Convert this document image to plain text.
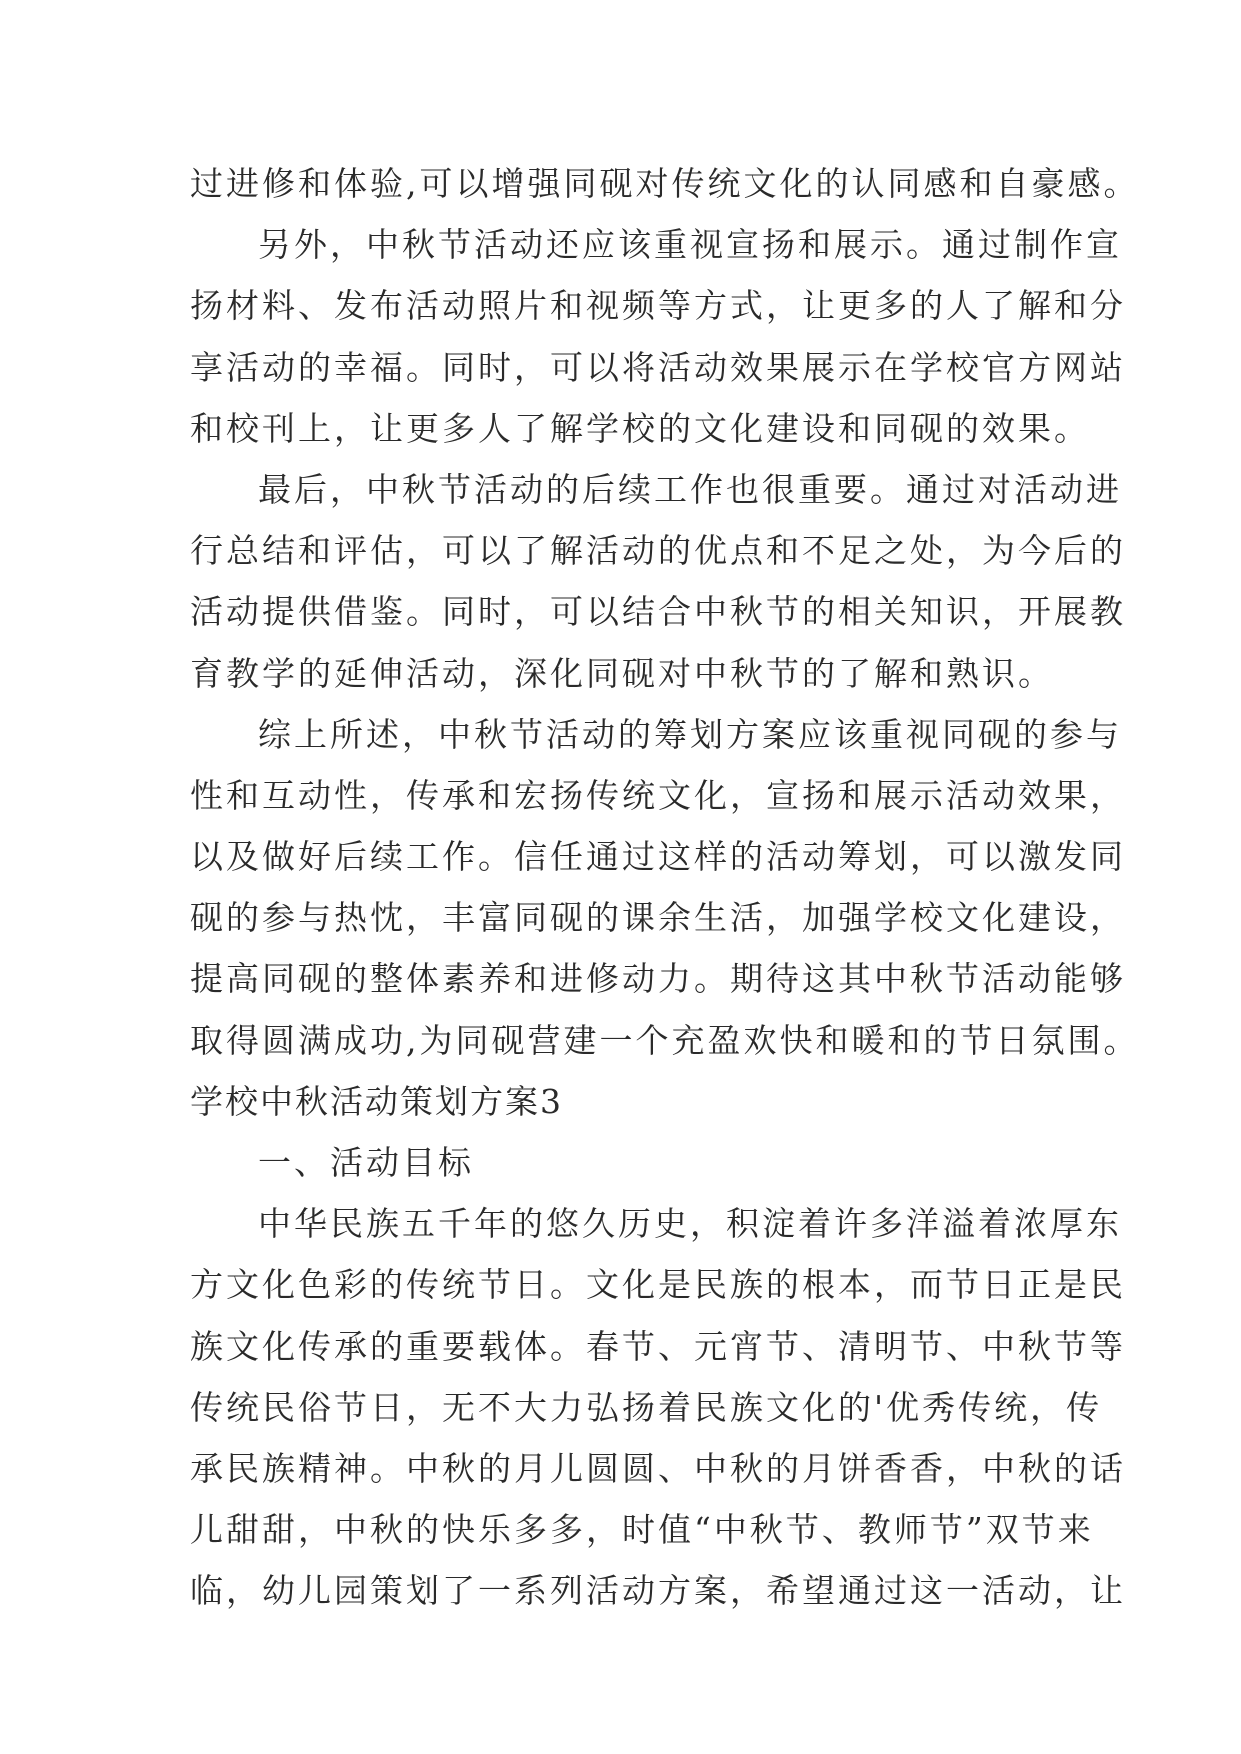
过进修和体验,可以增强同砚对传统文化的认同感和自豪感。
另外，中秋节活动还应该重视宣扬和展示。通过制作宣
扬材料、发布活动照片和视频等方式，让更多的人了解和分
享活动的幸福。同时，可以将活动效果展示在学校官方网站
和校刊上，让更多人了解学校的文化建设和同砚的效果。
最后，中秋节活动的后续工作也很重要。通过对活动进
行总结和评估，可以了解活动的优点和不足之处，为今后的
活动提供借鉴。同时，可以结合中秋节的相关知识，开展教
育教学的延伸活动，深化同砚对中秋节的了解和熟识。
综上所述，中秋节活动的筹划方案应该重视同砚的参与
性和互动性，传承和宏扬传统文化，宣扬和展示活动效果，
以及做好后续工作。信任通过这样的活动筹划，可以激发同
砚的参与热忱，丰富同砚的课余生活，加强学校文化建设，
提高同砚的整体素养和进修动力。期待这其中秋节活动能够
取得圆满成功,为同砚营建一个充盈欢快和暖和的节日氛围。
学校中秋活动策划方案3
一、活动目标
中华民族五千年的悠久历史，积淀着许多洋溢着浓厚东
方文化色彩的传统节日。文化是民族的根本，而节日正是民
族文化传承的重要载体。春节、元宵节、清明节、中秋节等
传统民俗节日，无不大力弘扬着民族文化的'优秀传统，传
承民族精神。中秋的月儿圆圆、中秋的月饼香香，中秋的话
儿甜甜，中秋的快乐多多，时值“中秋节、教师节”双节来
临，幼儿园策划了一系列活动方案，希望通过这一活动，让
